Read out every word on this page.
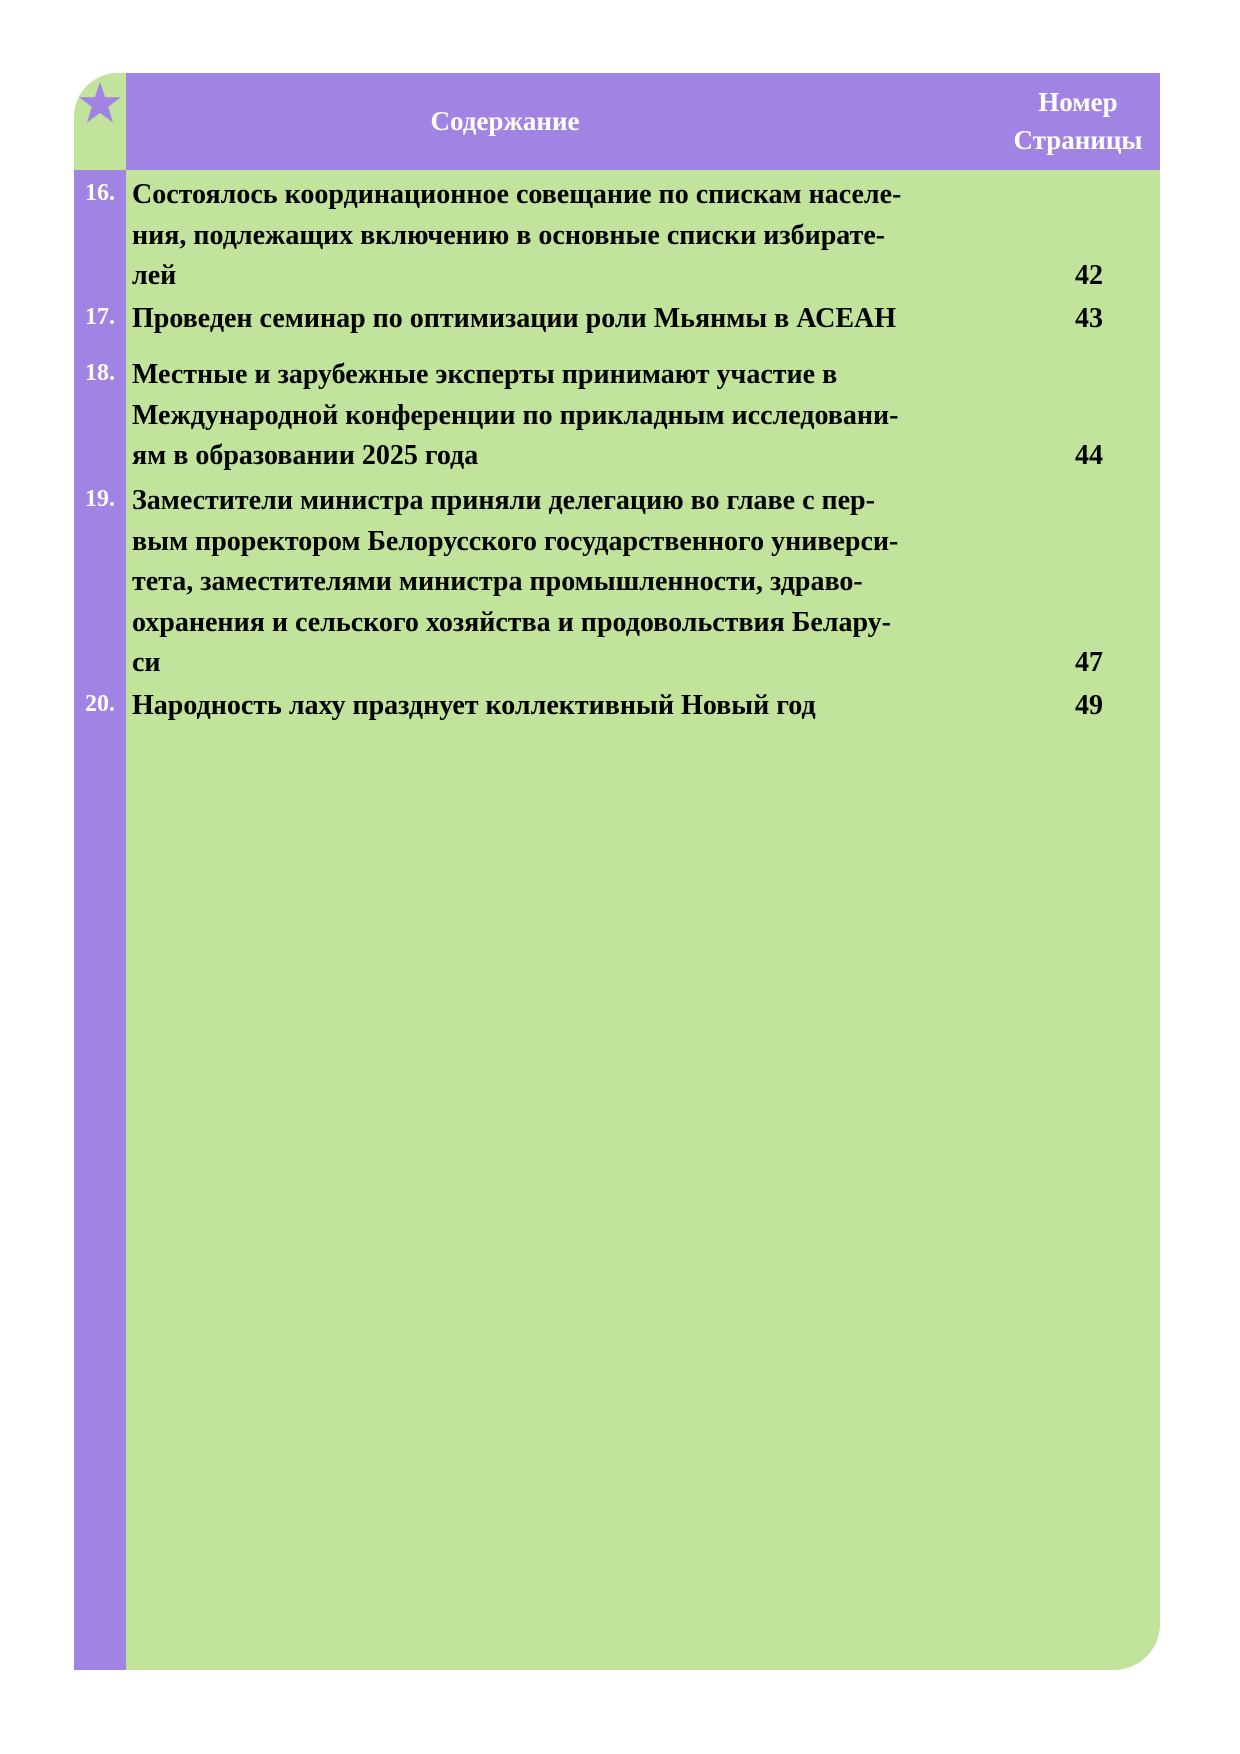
Содержание
Номер
Страницы
16. Состоялось координационное совещание по спискам населе-
ния, подлежащих включению в основные списки избирате-
лей	42
17. Проведен семинар по оптимизации роли Мьянмы в АСЕАН	43
18. Местные и зарубежные эксперты принимают участие в
Международной конференции по прикладным исследовани-
ям в образовании 2025 года	44
19. Заместители министра приняли делегацию во главе с пер-
вым проректором Белорусского государственного универси-
тета, заместителями министра промышленности, здраво-
охранения и сельского хозяйства и продовольствия Белару-
си	47
20. Народность лаху празднует коллективный Новый год	49
